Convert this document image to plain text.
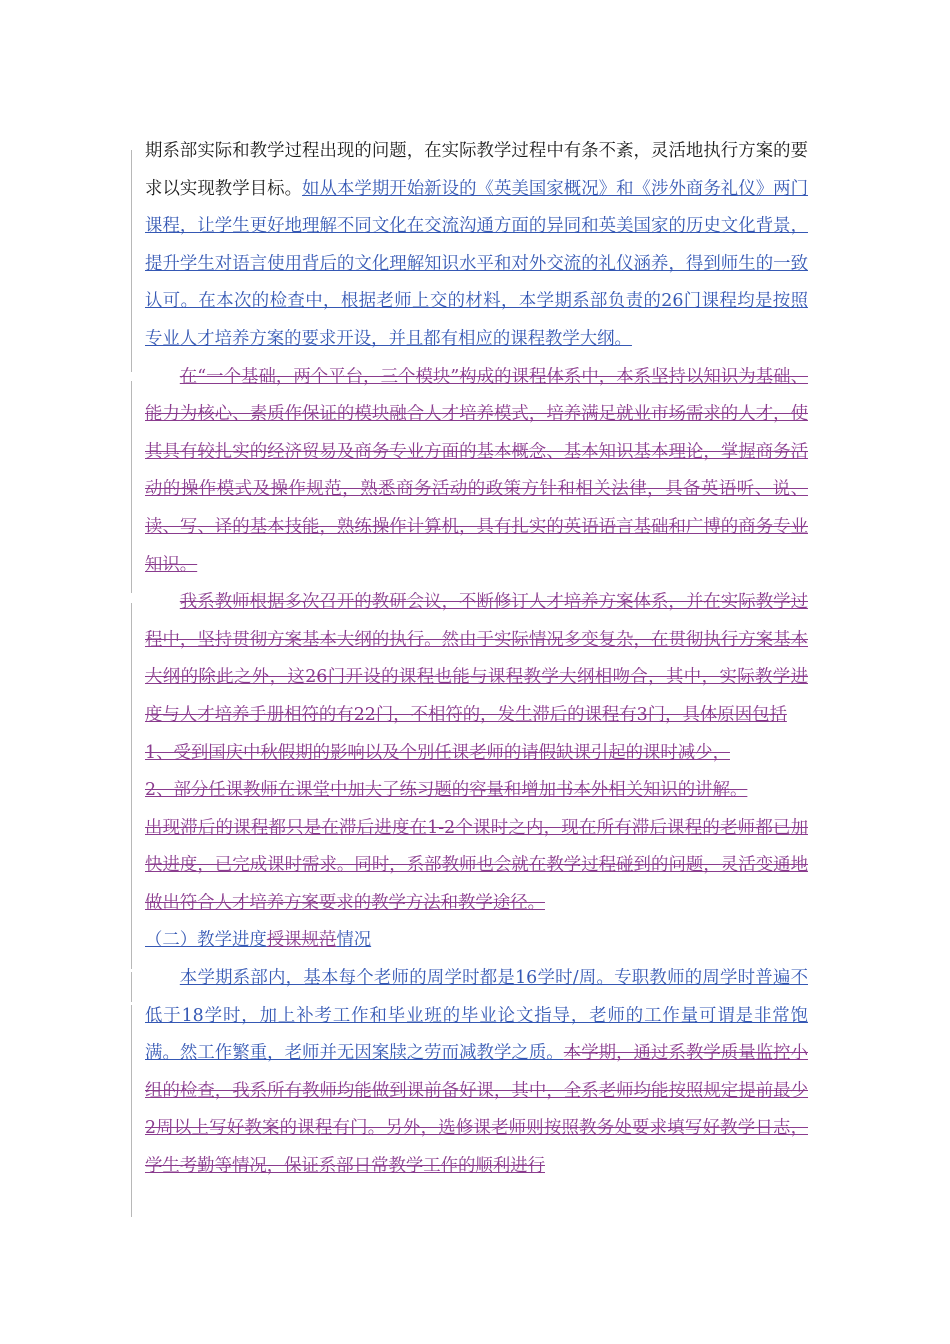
期系部实际和教学过程出现的问题，在实际教学过程中有条不紊，灵活地执行方案的要求以实现教学目标。如从本学期开始新设的《英美国家概况》和《涉外商务礼仪》两门课程，让学生更好地理解不同文化在交流沟通方面的异同和英美国家的历史文化背景，提升学生对语言使用背后的文化理解知识水平和对外交流的礼仪涵养，得到师生的一致认可。在本次的检查中，根据老师上交的材料，本学期系部负责的26门课程均是按照专业人才培养方案的要求开设，并且都有相应的课程教学大纲。

在“一个基础，两个平台，三个模块”构成的课程体系中，本系坚持以知识为基础、能力为核心、素质作保证的模块融合人才培养模式，培养满足就业市场需求的人才，使其具有较扎实的经济贸易及商务专业方面的基本概念、基本知识基本理论，掌握商务活动的操作模式及操作规范，熟悉商务活动的政策方针和相关法律，具备英语听、说、读、写、译的基本技能，熟练操作计算机，具有扎实的英语语言基础和广博的商务专业知识。

我系教师根据多次召开的教研会议，不断修订人才培养方案体系，并在实际教学过程中，坚持贯彻方案基本大纲的执行。然由于实际情况多变复杂，在贯彻执行方案基本大纲的除此之外，这26门开设的课程也能与课程教学大纲相吻合，其中，实际教学进度与人才培养手册相符的有22门，不相符的，发生滞后的课程有3门，具体原因包括

1、受到国庆中秋假期的影响以及个别任课老师的请假缺课引起的课时减少，

2、部分任课教师在课堂中加大了练习题的容量和增加书本外相关知识的讲解。

出现滞后的课程都只是在滞后进度在1-2个课时之内，现在所有滞后课程的老师都已加快进度，已完成课时需求。同时，系部教师也会就在教学过程碰到的问题，灵活变通地做出符合人才培养方案要求的教学方法和教学途径。

（二）教学进度授课规范情况

本学期系部内，基本每个老师的周学时都是16学时/周。专职教师的周学时普遍不低于18学时，加上补考工作和毕业班的毕业论文指导，老师的工作量可谓是非常饱满。然工作繁重，老师并无因案牍之劳而减教学之质。本学期，通过系教学质量监控小组的检查，我系所有教师均能做到课前备好课，其中，全系老师均能按照规定提前最少2周以上写好教案的课程有门。另外，选修课老师则按照教务处要求填写好教学日志，学生考勤等情况，保证系部日常教学工作的顺利进行
